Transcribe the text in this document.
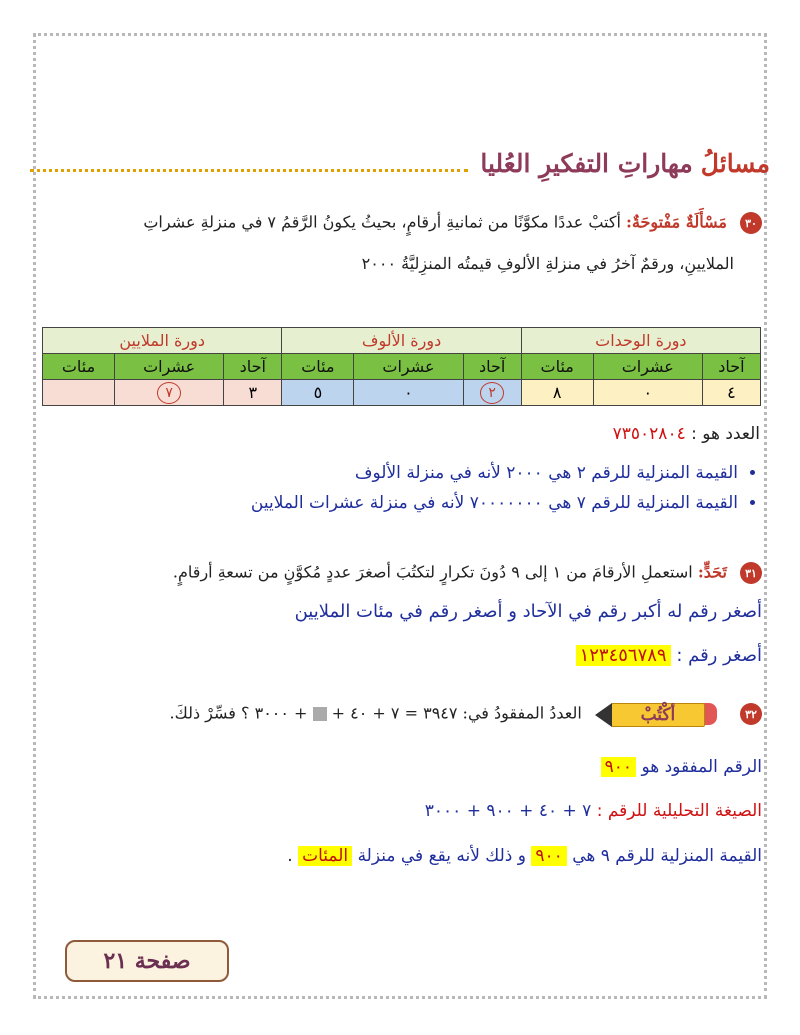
مسائلُ
مهاراتِ التفكيرِ العُليا
٣٠ مَسْأَلَةٌ مَفْتوحَةٌ: أكتبْ عددًا مكوَّنًا من ثمانيةِ أرقامٍ، بحيثُ يكونُ الرَّقمُ ٧ في منزلةِ عشراتِ
الملايينِ، ورقمٌ آخرُ في منزلةِ الألوفِ قيمتُه المنزِليَّةُ ٢٠٠٠
دورة الوحدات			دورة الألوف			دورة الملايين		
آحاد	عشرات	مئات	آحاد	عشرات	مئات	آحاد	عشرات	مئات
٤	٠	٨	٢	٠	٥	٣	٧	
العدد هو : ٧٣٥٠٢٨٠٤
• القيمة المنزلية للرقم ٢ هي ٢٠٠٠ لأنه في منزلة الألوف
• القيمة المنزلية للرقم ٧ هي ٧٠٠٠٠٠٠٠ لأنه في منزلة عشرات الملايين
٣١ تَحَدٍّ: استعملِ الأرقامَ من ١ إلى ٩ دُونَ تكرارٍ لتكتُبَ أصغرَ عددٍ مُكوَّنٍ من تسعةِ أرقامٍ.
أصغر رقم له أكبر رقم في الآحاد و أصغر رقم في مئات الملايين
أصغر رقم : ١٢٣٤٥٦٧٨٩
٣٢
أكْتُبْ
العددُ المفقودُ في: ٣٩٤٧ = ٧ + ٤٠ +  + ٣٠٠٠ ؟ فسِّرْ ذلكَ.
الرقم المفقود هو ٩٠٠
الصيغة التحليلية للرقم : ٧ + ٤٠ + ٩٠٠ + ٣٠٠٠
القيمة المنزلية للرقم ٩ هي ٩٠٠ و ذلك لأنه يقع في منزلة المئات .
صفحة ٢١
